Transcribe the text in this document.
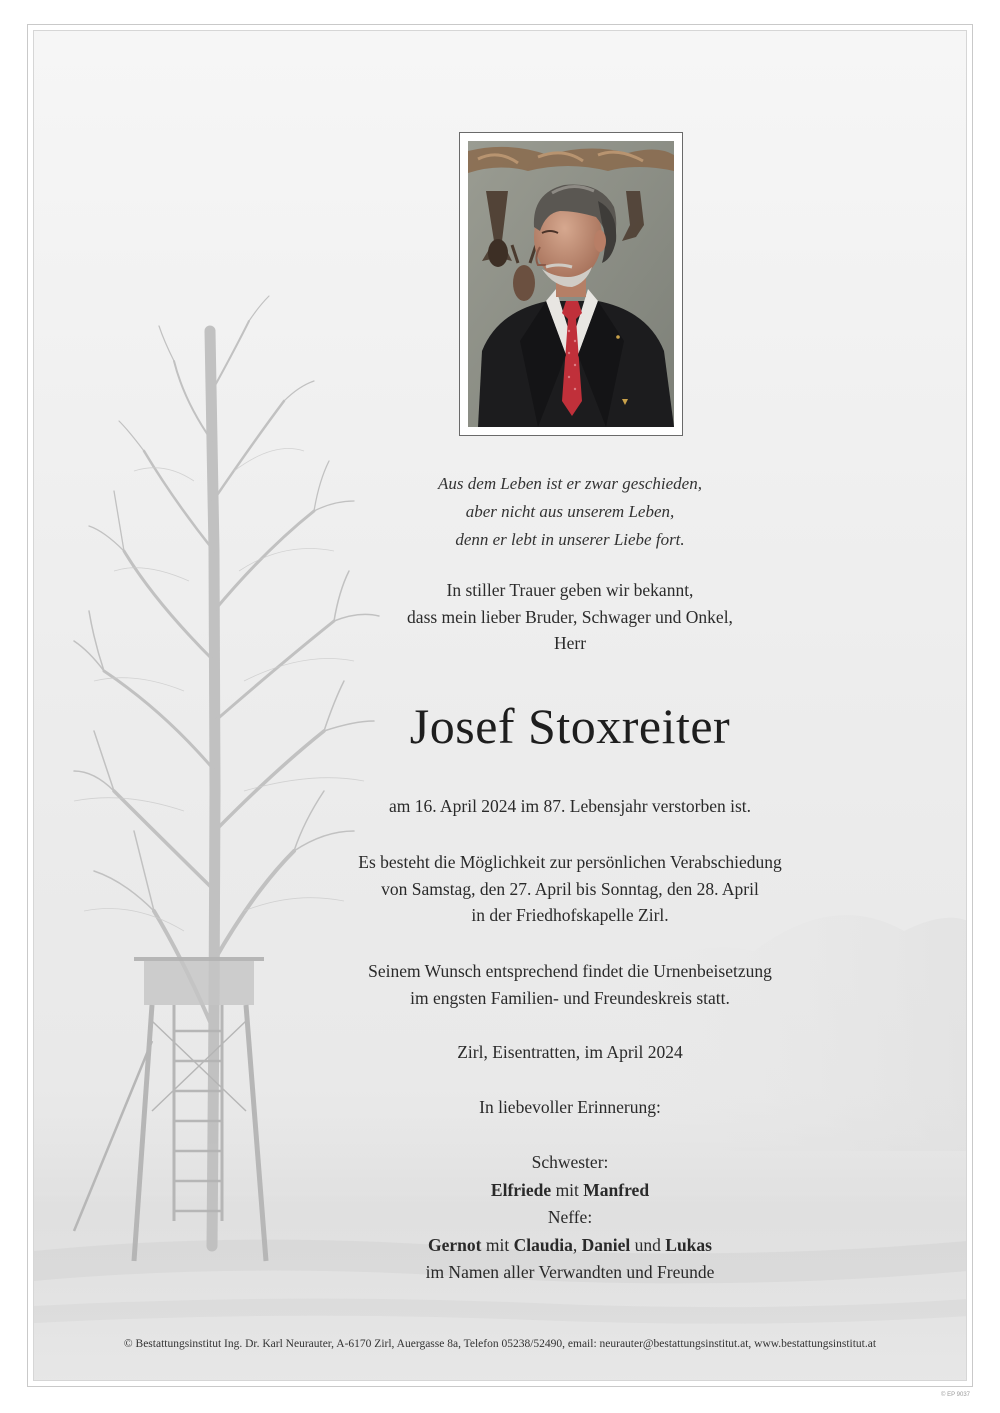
Aus dem Leben ist er zwar geschieden,
aber nicht aus unserem Leben,
denn er lebt in unserer Liebe fort.
In stiller Trauer geben wir bekannt,
dass mein lieber Bruder, Schwager und Onkel,
Herr
Josef Stoxreiter
am 16. April 2024 im 87. Lebensjahr verstorben ist.
Es besteht die Möglichkeit zur persönlichen Verabschiedung
von Samstag, den 27. April bis Sonntag, den 28. April
in der Friedhofskapelle Zirl.
Seinem Wunsch entsprechend findet die Urnenbeisetzung
im engsten Familien- und Freundeskreis statt.
Zirl, Eisentratten, im April 2024
In liebevoller Erinnerung:
Schwester:
Elfriede mit Manfred
Neffe:
Gernot mit Claudia, Daniel und Lukas
im Namen aller Verwandten und Freunde
© Bestattungsinstitut Ing. Dr. Karl Neurauter, A-6170 Zirl, Auergasse 8a, Telefon 05238/52490, email: neurauter@bestattungsinstitut.at, www.bestattungsinstitut.at
© EP 9037
